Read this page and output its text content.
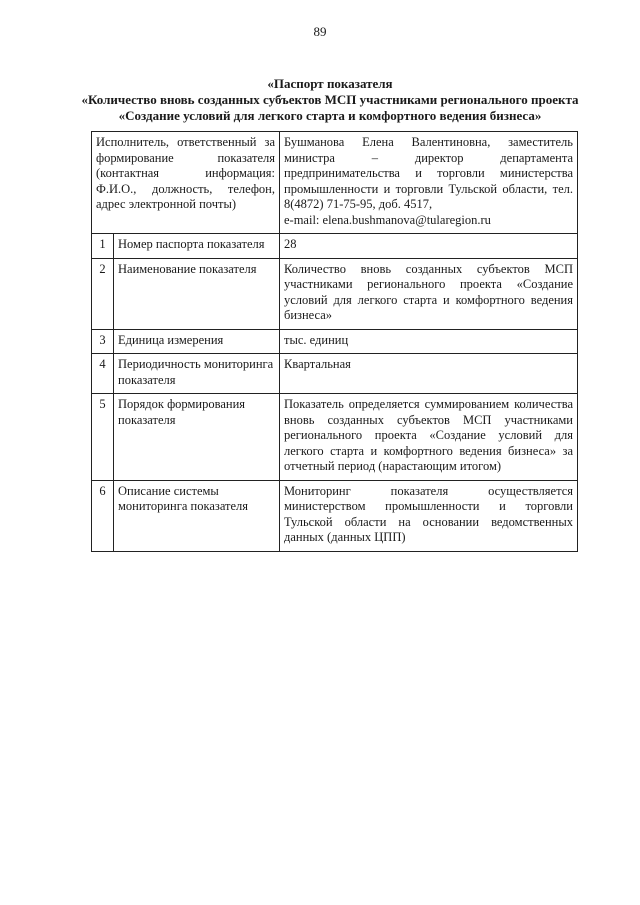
89
«Паспорт показателя
«Количество вновь созданных субъектов МСП участниками регионального проекта
«Создание условий для легкого старта и комфортного ведения бизнеса»
Исполнитель, ответственный за формирование показателя (контактная информация: Ф.И.О., должность, телефон, адрес электронной почты)		Бушманова Елена Валентиновна, заместитель министра – директор департамента предпринимательства и торговли министерства промышленности и торговли Тульской области, тел. 8(4872) 71-75-95, доб. 4517,
e-mail: elena.bushmanova@tularegion.ru
1	Номер паспорта показателя	28
2	Наименование показателя	Количество вновь созданных субъектов МСП участниками регионального проекта «Создание условий для легкого старта и комфортного ведения бизнеса»
3	Единица измерения	тыс. единиц
4	Периодичность мониторинга показателя	Квартальная
5	Порядок формирования показателя	Показатель определяется суммированием количества вновь созданных субъектов МСП участниками регионального проекта «Создание условий для легкого старта и комфортного ведения бизнеса» за отчетный период (нарастающим итогом)
6	Описание системы мониторинга показателя	Мониторинг показателя осуществляется министерством промышленности и торговли Тульской области на основании ведомственных данных (данных ЦПП)
